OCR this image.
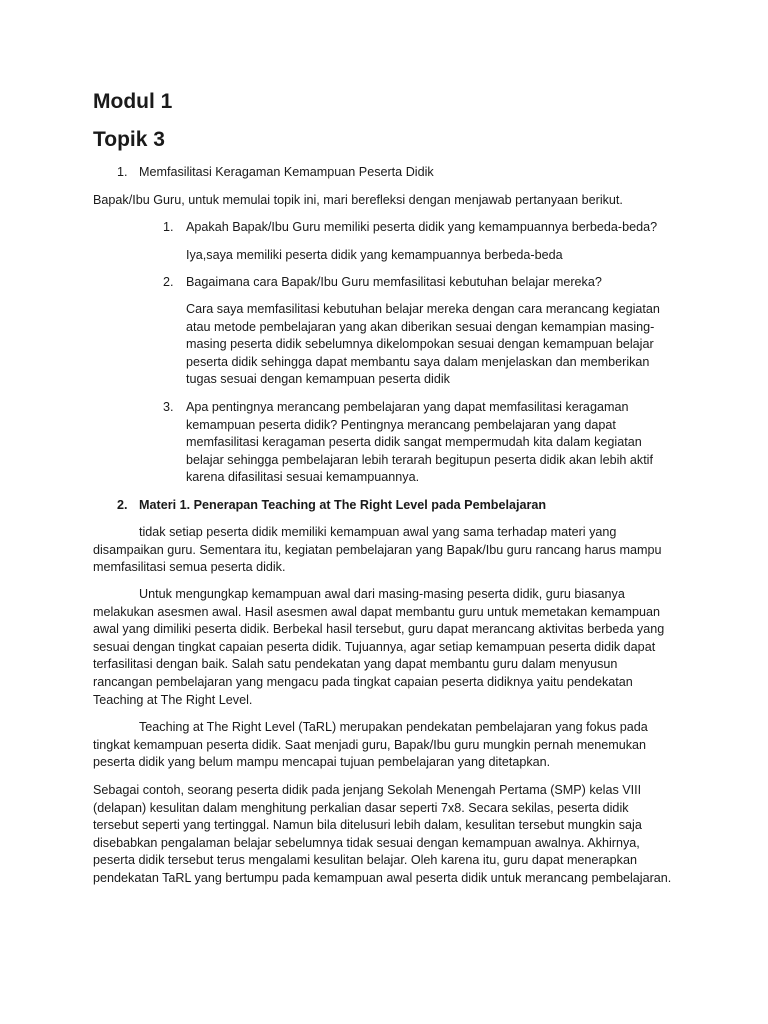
Modul 1
Topik 3
1. Memfasilitasi Keragaman Kemampuan Peserta Didik

Bapak/Ibu Guru, untuk memulai topik ini, mari berefleksi dengan menjawab pertanyaan berikut.

1. Apakah Bapak/Ibu Guru memiliki peserta didik yang kemampuannya berbeda-beda?

Iya,saya memiliki peserta didik yang kemampuannya berbeda-beda

2. Bagaimana cara Bapak/Ibu Guru memfasilitasi kebutuhan belajar mereka?

Cara saya memfasilitasi kebutuhan belajar mereka dengan cara merancang kegiatan atau metode pembelajaran yang akan diberikan sesuai dengan kemampian masing-masing peserta didik sebelumnya dikelompokan sesuai dengan kemampuan belajar peserta didik sehingga dapat membantu saya dalam menjelaskan dan memberikan tugas sesuai dengan kemampuan peserta didik

3. Apa pentingnya merancang pembelajaran yang dapat memfasilitasi keragaman kemampuan peserta didik? Pentingnya merancang pembelajaran yang dapat memfasilitasi keragaman peserta didik sangat mempermudah kita dalam kegiatan belajar sehingga pembelajaran lebih terarah begitupun peserta didik akan lebih aktif karena difasilitasi sesuai kemampuannya.

2. Materi 1. Penerapan Teaching at The Right Level pada Pembelajaran

tidak setiap peserta didik memiliki kemampuan awal yang sama terhadap materi yang disampaikan guru. Sementara itu, kegiatan pembelajaran yang Bapak/Ibu guru rancang harus mampu memfasilitasi semua peserta didik.

Untuk mengungkap kemampuan awal dari masing-masing peserta didik, guru biasanya melakukan asesmen awal. Hasil asesmen awal dapat membantu guru untuk memetakan kemampuan awal yang dimiliki peserta didik. Berbekal hasil tersebut, guru dapat merancang aktivitas berbeda yang sesuai dengan tingkat capaian peserta didik. Tujuannya, agar setiap kemampuan peserta didik dapat terfasilitasi dengan baik. Salah satu pendekatan yang dapat membantu guru dalam menyusun rancangan pembelajaran yang mengacu pada tingkat capaian peserta didiknya yaitu pendekatan Teaching at The Right Level.

Teaching at The Right Level (TaRL) merupakan pendekatan pembelajaran yang fokus pada tingkat kemampuan peserta didik. Saat menjadi guru, Bapak/Ibu guru mungkin pernah menemukan peserta didik yang belum mampu mencapai tujuan pembelajaran yang ditetapkan.

Sebagai contoh, seorang peserta didik pada jenjang Sekolah Menengah Pertama (SMP) kelas VIII (delapan) kesulitan dalam menghitung perkalian dasar seperti 7x8. Secara sekilas, peserta didik tersebut seperti yang tertinggal. Namun bila ditelusuri lebih dalam, kesulitan tersebut mungkin saja disebabkan pengalaman belajar sebelumnya tidak sesuai dengan kemampuan awalnya. Akhirnya, peserta didik tersebut terus mengalami kesulitan belajar. Oleh karena itu, guru dapat menerapkan pendekatan TaRL yang bertumpu pada kemampuan awal peserta didik untuk merancang pembelajaran.
